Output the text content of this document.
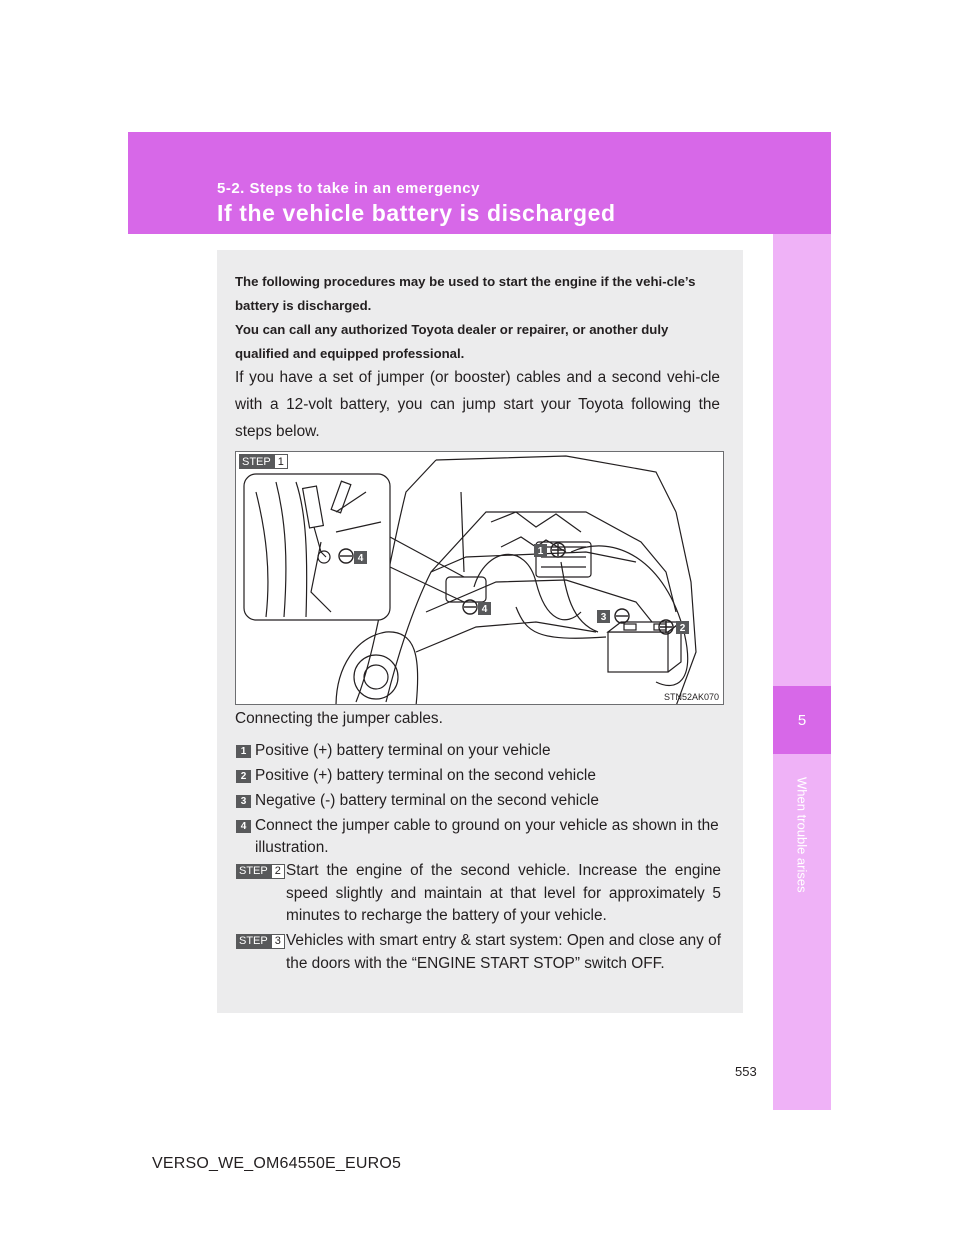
5-2. Steps to take in an emergency
If the vehicle battery is discharged
5
When trouble arises
The following procedures may be used to start the engine if the vehi-cle’s battery is discharged.
You can call any authorized Toyota dealer or repairer, or another duly qualified and equipped professional.
If you have a set of jumper (or booster) cables and a second vehi-cle with a 12-volt battery, you can jump start your Toyota following the steps below.
STEP 1
1
2
3
4
4
STN52AK070
Connecting the jumper cables.
1 Positive (+) battery terminal on your vehicle
2 Positive (+) battery terminal on the second vehicle
3 Negative (-) battery terminal on the second vehicle
4 Connect the jumper cable to ground on your vehicle as shown in the illustration.
STEP 2 Start the engine of the second vehicle. Increase the engine speed slightly and maintain at that level for approximately 5 minutes to recharge the battery of your vehicle.
STEP 3 Vehicles with smart entry & start system: Open and close any of the doors with the “ENGINE START STOP” switch OFF.
553
VERSO_WE_OM64550E_EURO5
